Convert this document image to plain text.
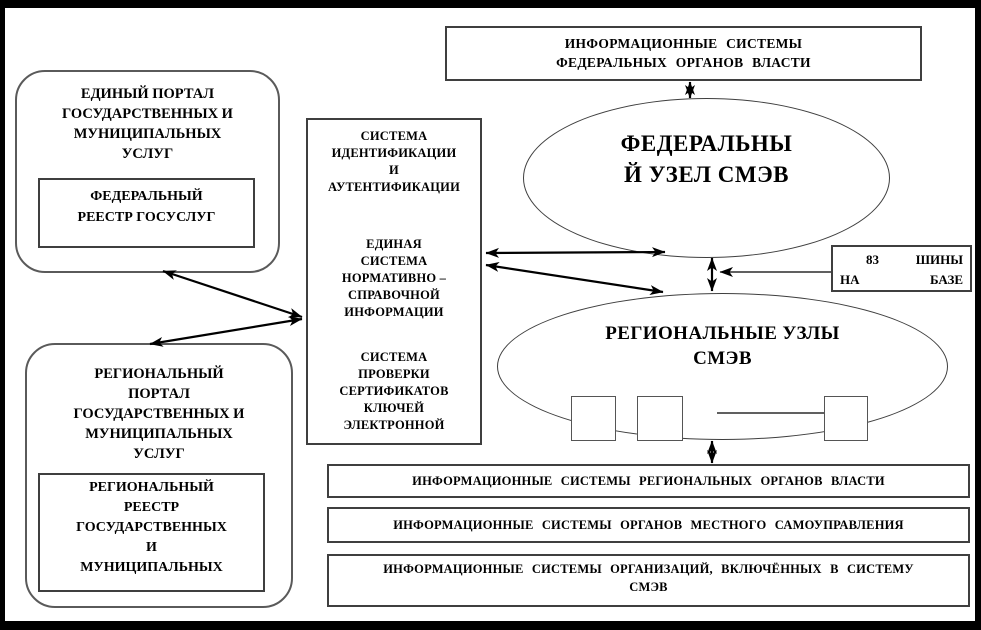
ФЕДЕРАЛЬНЫ
Й УЗЕЛ СМЭВ
РЕГИОНАЛЬНЫЕ УЗЛЫ
СМЭВ
ИНФОРМАЦИОННЫЕ СИСТЕМЫ
ФЕДЕРАЛЬНЫХ ОРГАНОВ ВЛАСТИ
ЕДИНЫЙ ПОРТАЛ
ГОСУДАРСТВЕННЫХ И
МУНИЦИПАЛЬНЫХ
УСЛУГ
ФЕДЕРАЛЬНЫЙ
РЕЕСТР ГОСУСЛУГ
РЕГИОНАЛЬНЫЙ
ПОРТАЛ
ГОСУДАРСТВЕННЫХ И
МУНИЦИПАЛЬНЫХ
УСЛУГ
РЕГИОНАЛЬНЫЙ
РЕЕСТР
ГОСУДАРСТВЕННЫХ
И
МУНИЦИПАЛЬНЫХ
СИСТЕМА
ИДЕНТИФИКАЦИИ
И
АУТЕНТИФИКАЦИИ
ЕДИНАЯ
СИСТЕМА
НОРМАТИВНО –
СПРАВОЧНОЙ
ИНФОРМАЦИИ
СИСТЕМА
ПРОВЕРКИ
СЕРТИФИКАТОВ
КЛЮЧЕЙ
ЭЛЕКТРОННОЙ
83	ШИНЫ
НА	БАЗЕ
ИНФОРМАЦИОННЫЕ СИСТЕМЫ РЕГИОНАЛЬНЫХ ОРГАНОВ ВЛАСТИ
ИНФОРМАЦИОННЫЕ СИСТЕМЫ ОРГАНОВ МЕСТНОГО САМОУПРАВЛЕНИЯ
ИНФОРМАЦИОННЫЕ СИСТЕМЫ ОРГАНИЗАЦИЙ, ВКЛЮЧЁННЫХ В СИСТЕМУ
СМЭВ
